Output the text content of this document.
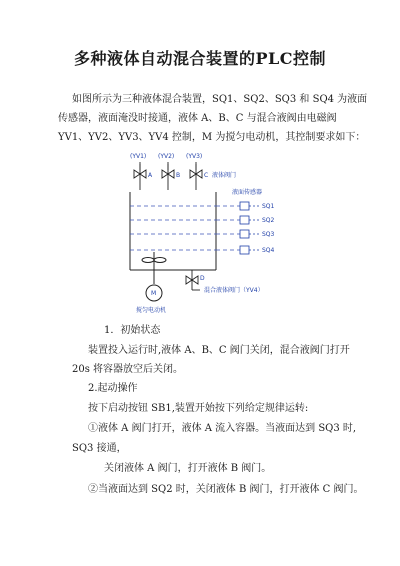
多种液体自动混合装置的PLC控制
如图所示为三种液体混合装置，SQ1、SQ2、SQ3 和 SQ4 为液面
传感器，液面淹没时接通，液体 A、B、C 与混合液阀由电磁阀
YV1、YV2、YV3、YV4 控制，M 为搅匀电动机，其控制要求如下：
(YV1) (YV2) (YV3)
A	B	C 液体阀门
液面传感器
SQ1
SQ2
SQ3
SQ4
M
搅匀电动机
D
混合液体阀门（YV4）
1．初始状态
装置投入运行时,液体 A、B、C 阀门关闭，混合液阀门打开
20s 将容器放空后关闭。
2.起动操作
按下启动按钮 SB1,装置开始按下列给定规律运转:
①液体 A 阀门打开，液体 A 流入容器。当液面达到 SQ3 时,
SQ3 接通，
关闭液体 A 阀门，打开液体 B 阀门。
②当液面达到 SQ2 时，关闭液体 B 阀门，打开液体 C 阀门。
